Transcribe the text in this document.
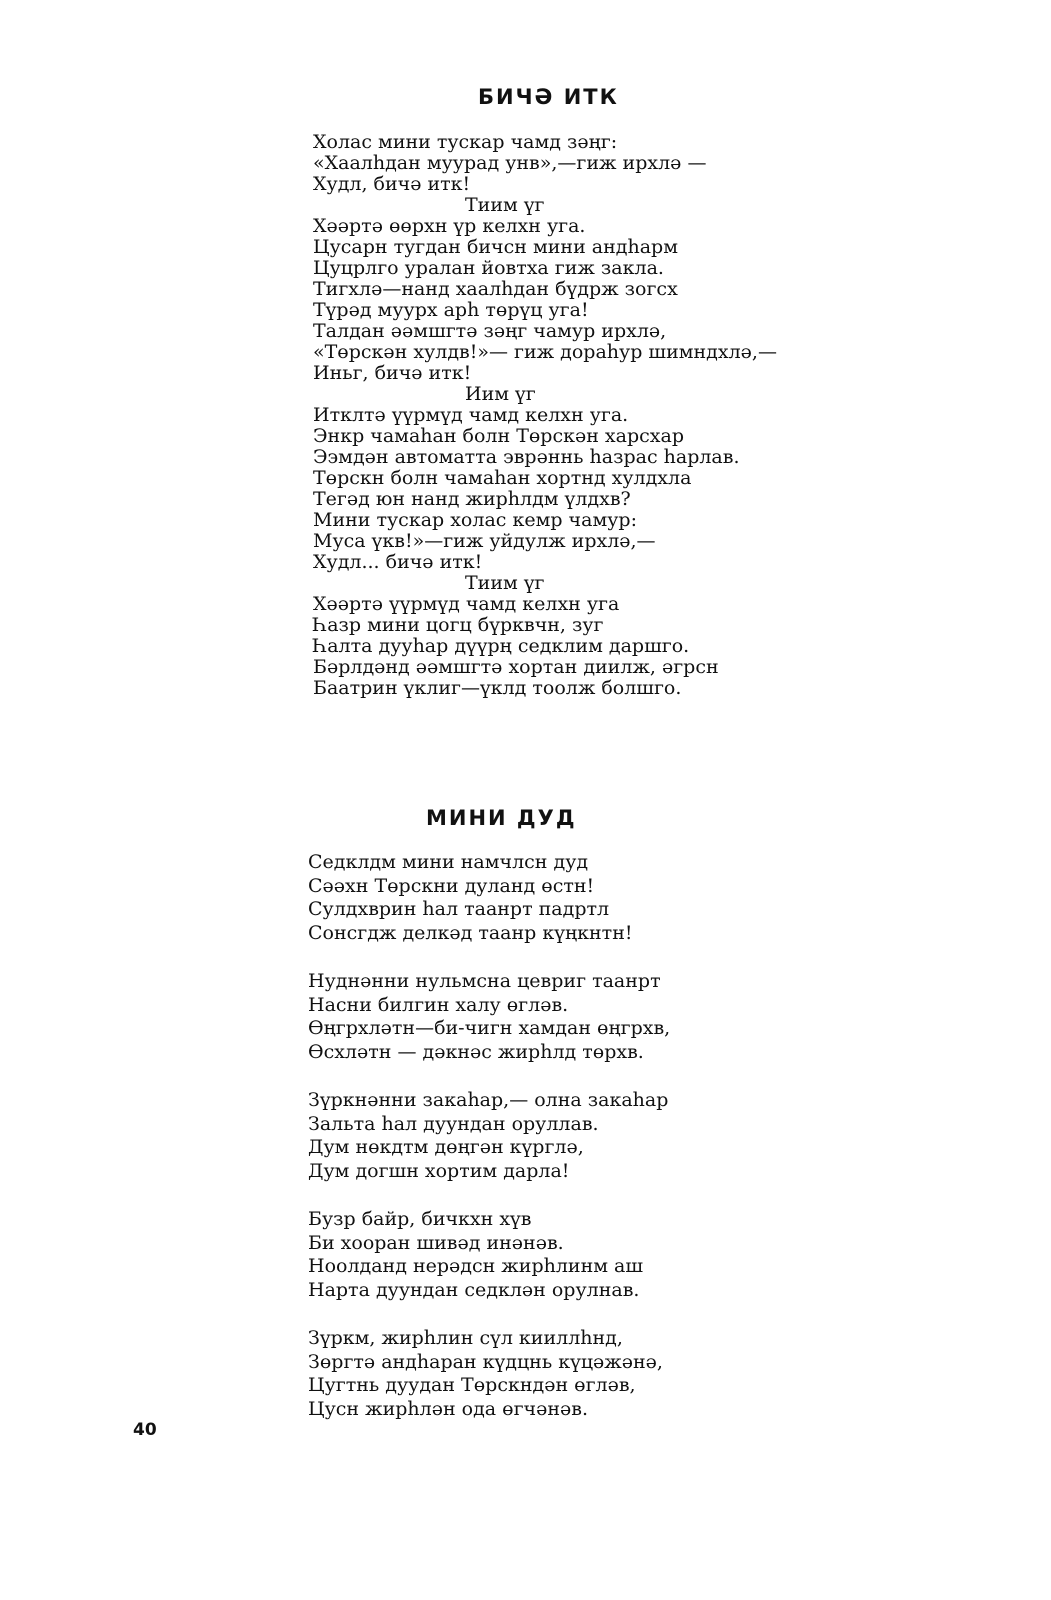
БИЧӘ ИТК
Холас мини тускар чамд зәңг:
«Хаалһдан муурад унв»,—гиж ирхлә —
Худл, бичә итк!
Тиим үг
Хәәртә өөрхн үр келхн уга.
Цусарн тугдан бичсн мини андһарм
Цуцрлго уралан йовтха гиж закла.
Тигхлә—нанд хаалһдан бүдрж зогсх
Түрәд муурх арһ төрүц уга!
Талдан әәмшгтә зәңг чамур ирхлә,
«Төрскән хулдв!»— гиж дораһур шимндхлә,—
Иньг, бичә итк!
Иим үг
Итклтә үүрмүд чамд келхн уга.
Энкр чамаһан болн Төрскән харсхар
Ээмдән автоматта эврәннь һазрас һарлав.
Төрскн болн чамаһан хортнд хулдхла
Тегәд юн нанд жирһлдм үлдхв?
Мини тускар холас кемр чамур:
Муса үкв!»—гиж уйдулж ирхлә,—
Худл... бичә итк!
Тиим үг
Хәәртә үүрмүд чамд келхн уга
Һазр мини цогц бүрквчн, зуг
Һалта дууһар дүүрң седклим даршго.
Бәрлдәнд әәмшгтә хортан диилж, әгрсн
Баатрин үклиг—үклд тоолж болшго.
МИНИ ДУД
Седклдм мини намчлсн дуд
Сәәхн Төрскни дуланд өстн!
Сулдхврин һал таанрт падртл
Сонсгдж делкәд таанр күңкнтн!
Нуднәнни нульмсна цевриг таанрт
Насни билгин халу өгләв.
Өңгрхләтн—би-чигн хамдан өңгрхв,
Өсхләтн — дәкнәс жирһлд төрхв.
Зүркнәнни закаһар,— олна закаһар
Зальта һал дуундан оруллав.
Дум нөкдтм дөңгән күрглә,
Дум догшн хортим дарла!
Бузр байр, бичкхн хүв
Би хооран шивәд инәнәв.
Ноолданд нерәдсн жирһлинм аш
Нарта дуундан седклән орулнав.
Зүркм, жирһлин сүл кииллһнд,
Зөргтә андһаран күдцнь күцәжәнә,
Цугтнь дуудан Төрскндән өгләв,
Цусн жирһлән ода өгчәнәв.

40
